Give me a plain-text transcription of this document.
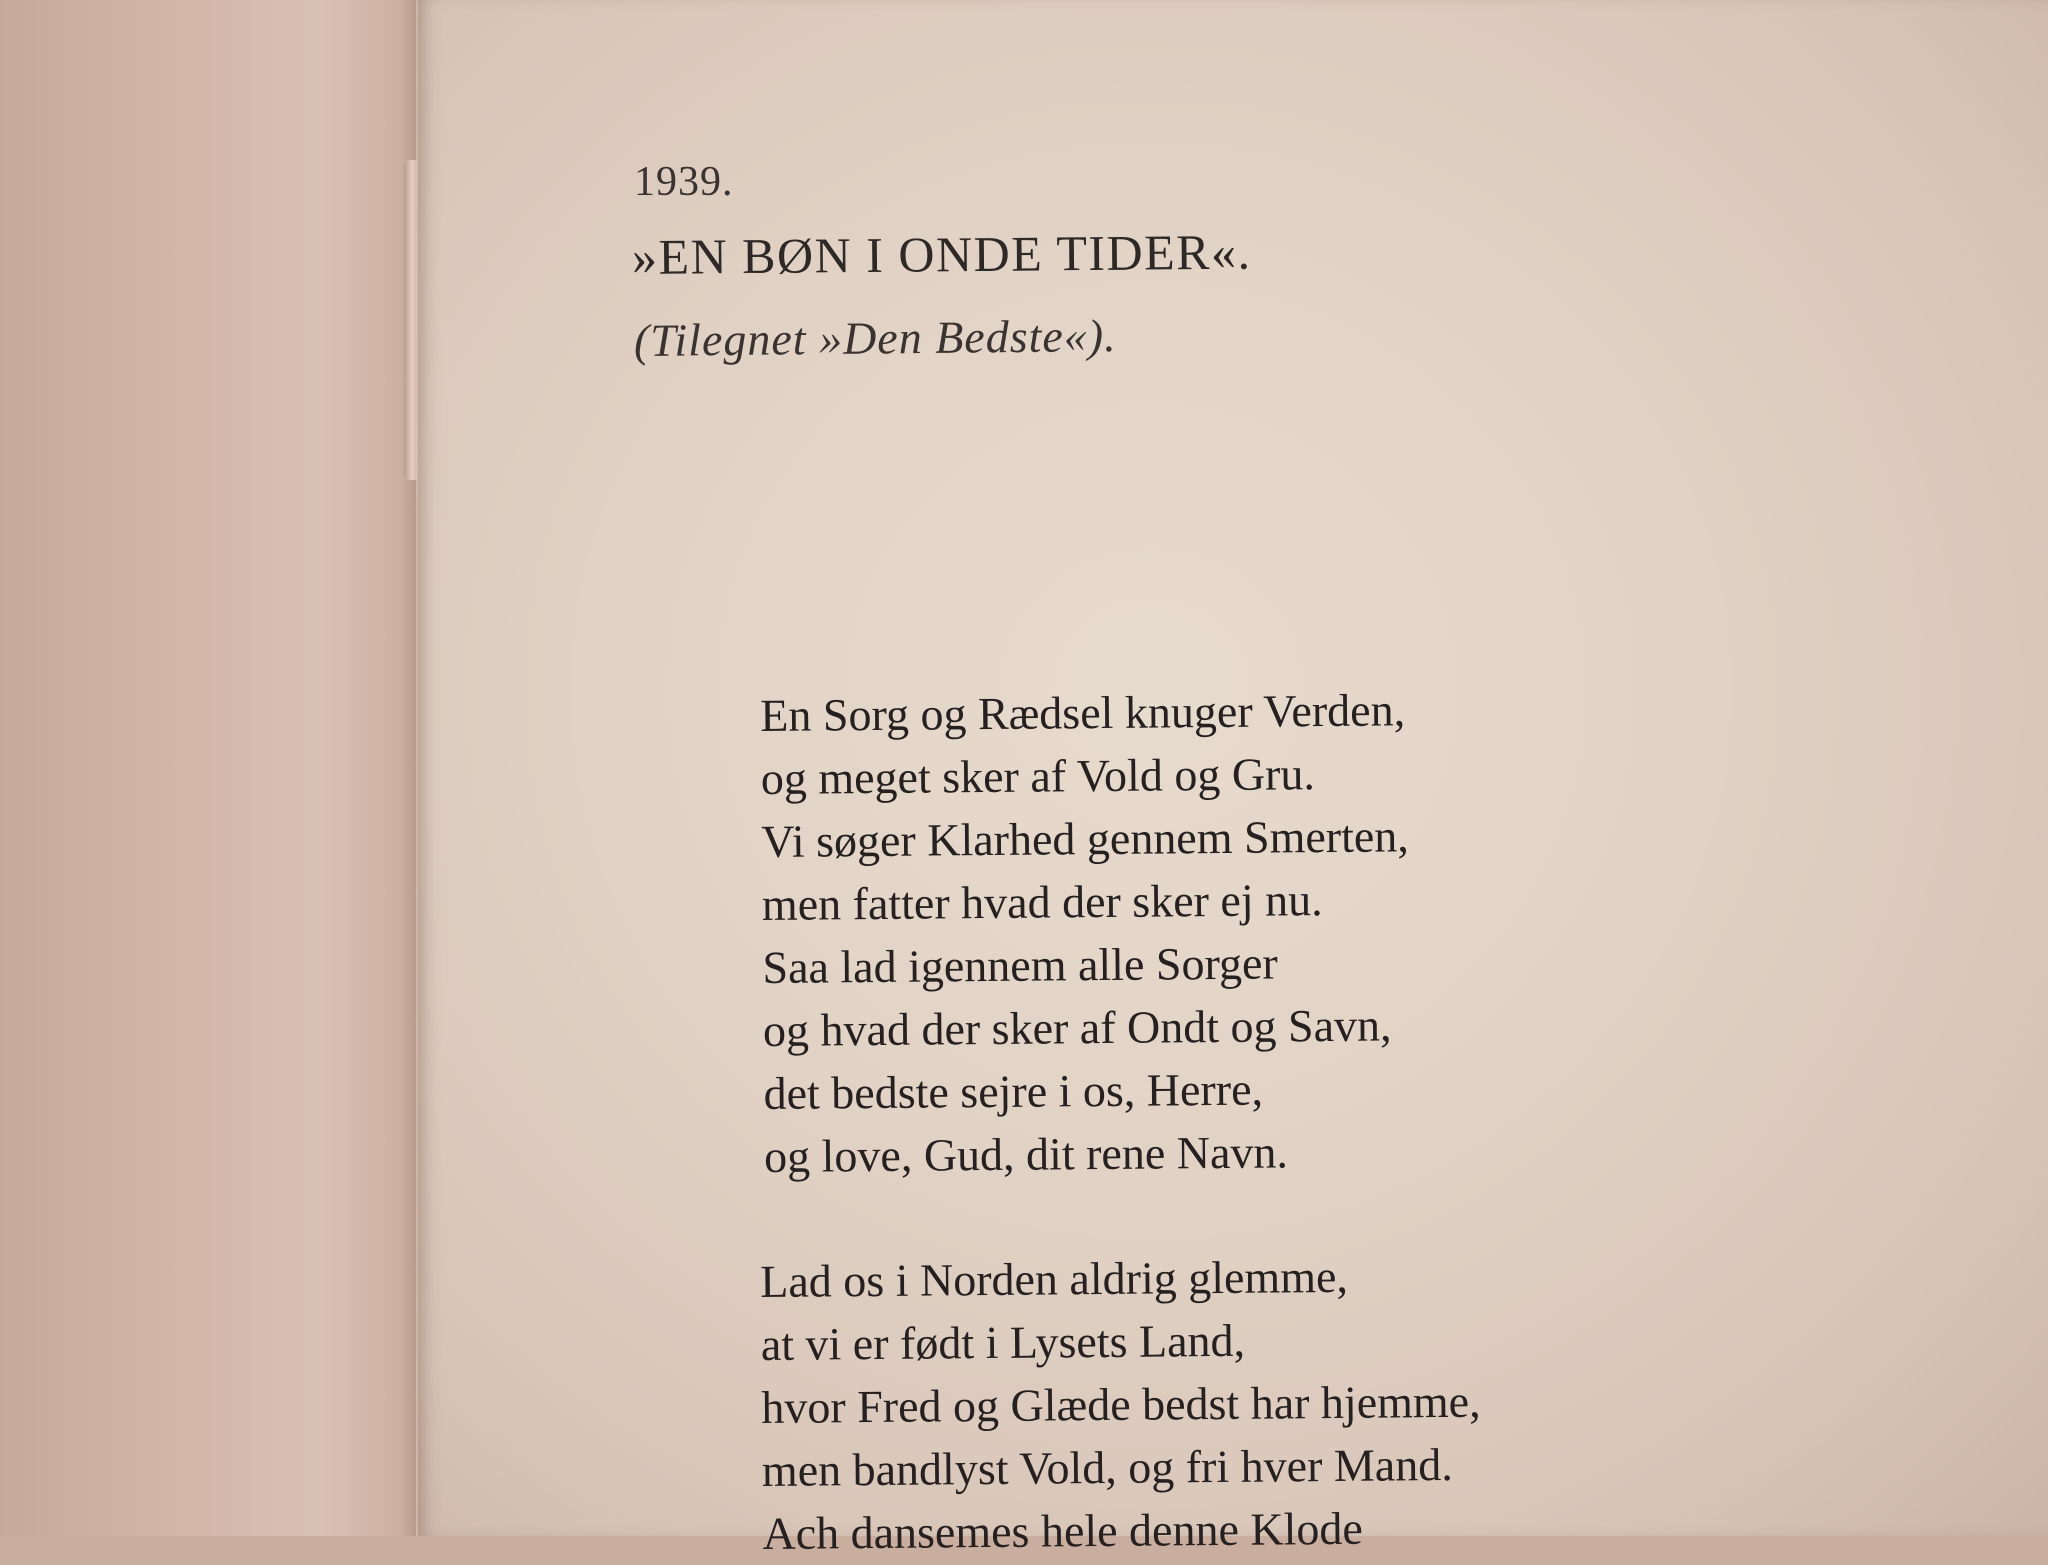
1939.
»EN BØN I ONDE TIDER«.
(Tilegnet »Den Bedste«).
En Sorg og Rædsel knuger Verden,
og meget sker af Vold og Gru.
Vi søger Klarhed gennem Smerten,
men fatter hvad der sker ej nu.
Saa lad igennem alle Sorger
og hvad der sker af Ondt og Savn,
det bedste sejre i os, Herre,
og love, Gud, dit rene Navn.
Lad os i Norden aldrig glemme,
at vi er født i Lysets Land,
hvor Fred og Glæde bedst har hjemme,
men bandlyst Vold, og fri hver Mand.
Ach dansemes hele denne Klode
